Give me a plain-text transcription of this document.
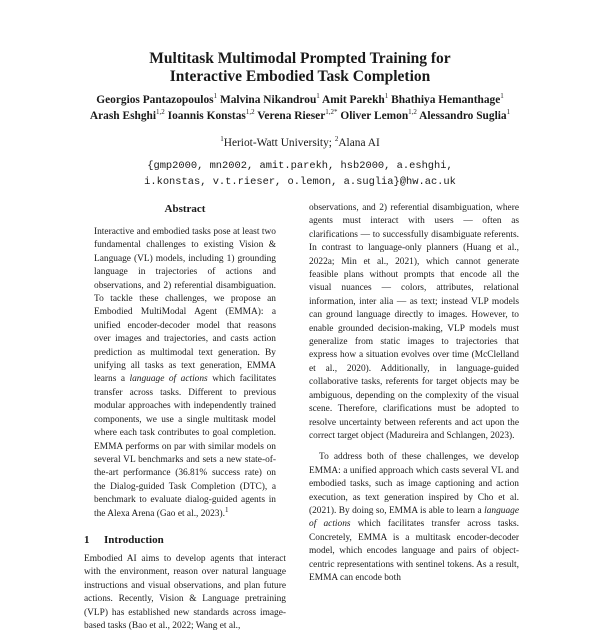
Multitask Multimodal Prompted Training for
Interactive Embodied Task Completion
Georgios Pantazopoulos$^1$ Malvina Nikandrou$^1$ Amit Parekh$^1$ Bhathiya Hemanthage$^1$
Arash Eshghi$^{1,2}$ Ioannis Konstas$^{1,2}$ Verena Rieser$^{1,2*}$ Oliver Lemon$^{1,2}$ Alessandro Suglia$^1$
$^1$Heriot-Watt University; $^2$Alana AI
{gmp2000, mn2002, amit.parekh, hsb2000, a.eshghi,
i.konstas, v.t.rieser, o.lemon, a.suglia}@hw.ac.uk
Abstract

Interactive and embodied tasks pose at least two fundamental challenges to existing Vision & Language (VL) models, including 1) grounding language in trajectories of actions and observations, and 2) referential disambiguation. To tackle these challenges, we propose an Embodied MultiModal Agent (EMMA): a unified encoder-decoder model that reasons over images and trajectories, and casts action prediction as multimodal text generation. By unifying all tasks as text generation, EMMA learns a language of actions which facilitates transfer across tasks. Different to previous modular approaches with independently trained components, we use a single multitask model where each task contributes to goal completion. EMMA performs on par with similar models on several VL benchmarks and sets a new state-of-the-art performance (36.81% success rate) on the Dialog-guided Task Completion (DTC), a benchmark to evaluate dialog-guided agents in the Alexa Arena (Gao et al., 2023).$^1$

1 Introduction

Embodied AI aims to develop agents that interact with the environment, reason over natural language instructions and visual observations, and plan future actions. Recently, Vision & Language pretraining (VLP) has established new standards across image-based tasks (Bao et al., 2022; Wang et al.,

observations, and 2) referential disambiguation, where agents must interact with users — often as clarifications — to successfully disambiguate referents. In contrast to language-only planners (Huang et al., 2022a; Min et al., 2021), which cannot generate feasible plans without prompts that encode all the visual nuances — colors, attributes, relational information, inter alia — as text; instead VLP models can ground language directly to images. However, to enable grounded decision-making, VLP models must generalize from static images to trajectories that express how a situation evolves over time (McClelland et al., 2020). Additionally, in language-guided collaborative tasks, referents for target objects may be ambiguous, depending on the complexity of the visual scene. Therefore, clarifications must be adopted to resolve uncertainty between referents and act upon the correct target object (Madureira and Schlangen, 2023).

To address both of these challenges, we develop EMMA: a unified approach which casts several VL and embodied tasks, such as image captioning and action execution, as text generation inspired by Cho et al. (2021). By doing so, EMMA is able to learn a language of actions which facilitates transfer across tasks. Concretely, EMMA is a multitask encoder-decoder model, which encodes language and pairs of object-centric representations with sentinel tokens. As a result, EMMA can encode both
